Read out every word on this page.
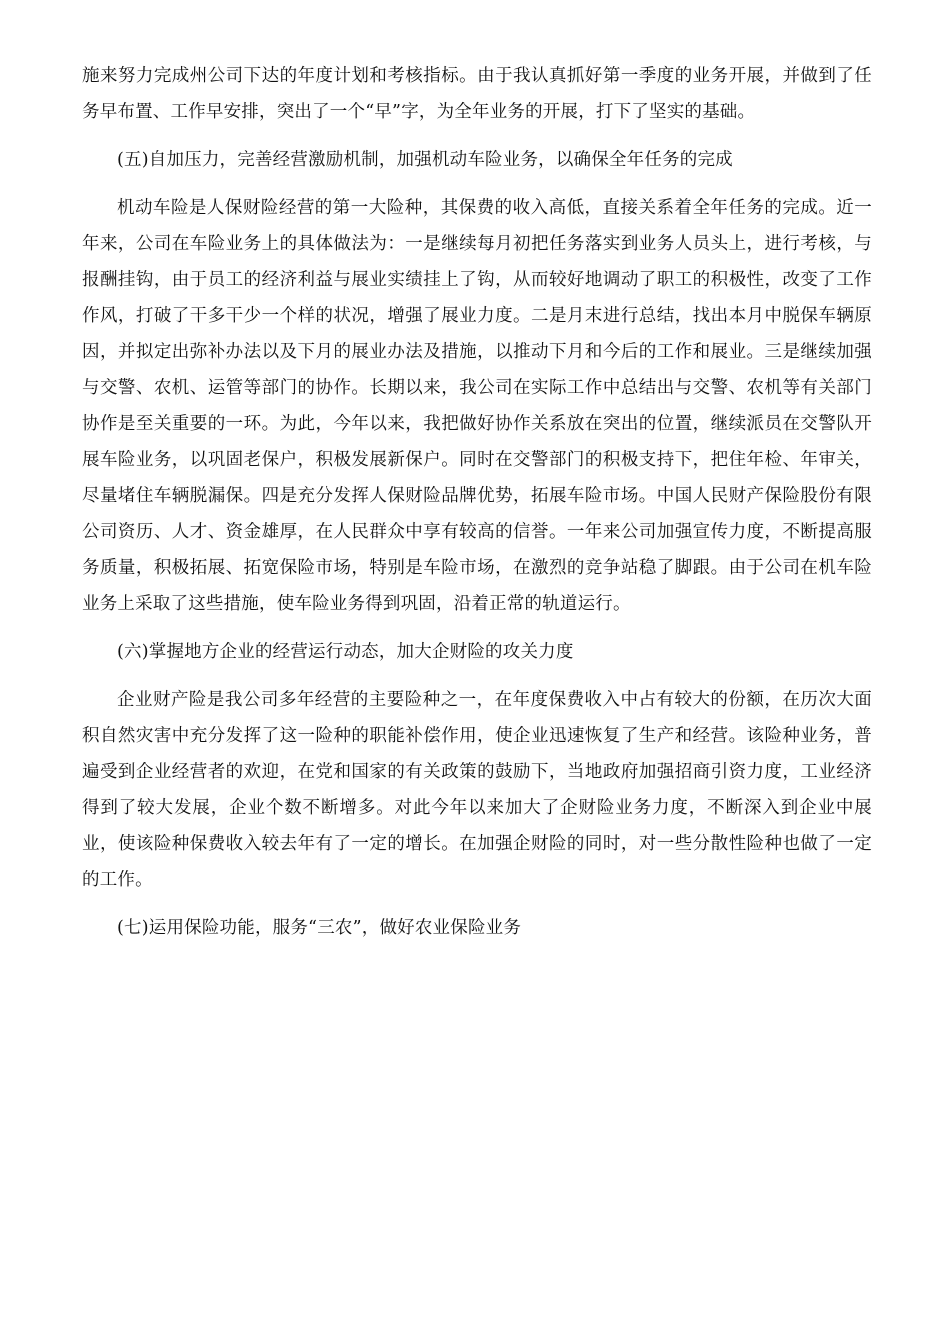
施来努力完成州公司下达的年度计划和考核指标。由于我认真抓好第一季度的业务开展，并做到了任务早布置、工作早安排，突出了一个“早”字，为全年业务的开展，打下了坚实的基础。

(五)自加压力，完善经营激励机制，加强机动车险业务，以确保全年任务的完成

机动车险是人保财险经营的第一大险种，其保费的收入高低，直接关系着全年任务的完成。近一年来，公司在车险业务上的具体做法为：一是继续每月初把任务落实到业务人员头上，进行考核，与报酬挂钩，由于员工的经济利益与展业实绩挂上了钩，从而较好地调动了职工的积极性，改变了工作作风，打破了干多干少一个样的状况，增强了展业力度。二是月末进行总结，找出本月中脱保车辆原因，并拟定出弥补办法以及下月的展业办法及措施，以推动下月和今后的工作和展业。三是继续加强与交警、农机、运管等部门的协作。长期以来，我公司在实际工作中总结出与交警、农机等有关部门协作是至关重要的一环。为此，今年以来，我把做好协作关系放在突出的位置，继续派员在交警队开展车险业务，以巩固老保户，积极发展新保户。同时在交警部门的积极支持下，把住年检、年审关，尽量堵住车辆脱漏保。四是充分发挥人保财险品牌优势，拓展车险市场。中国人民财产保险股份有限公司资历、人才、资金雄厚，在人民群众中享有较高的信誉。一年来公司加强宣传力度，不断提高服务质量，积极拓展、拓宽保险市场，特别是车险市场，在激烈的竞争站稳了脚跟。由于公司在机车险业务上采取了这些措施，使车险业务得到巩固，沿着正常的轨道运行。

(六)掌握地方企业的经营运行动态，加大企财险的攻关力度

企业财产险是我公司多年经营的主要险种之一，在年度保费收入中占有较大的份额，在历次大面积自然灾害中充分发挥了这一险种的职能补偿作用，使企业迅速恢复了生产和经营。该险种业务，普遍受到企业经营者的欢迎，在党和国家的有关政策的鼓励下，当地政府加强招商引资力度，工业经济得到了较大发展，企业个数不断增多。对此今年以来加大了企财险业务力度，不断深入到企业中展业，使该险种保费收入较去年有了一定的增长。在加强企财险的同时，对一些分散性险种也做了一定的工作。

(七)运用保险功能，服务“三农”，做好农业保险业务
